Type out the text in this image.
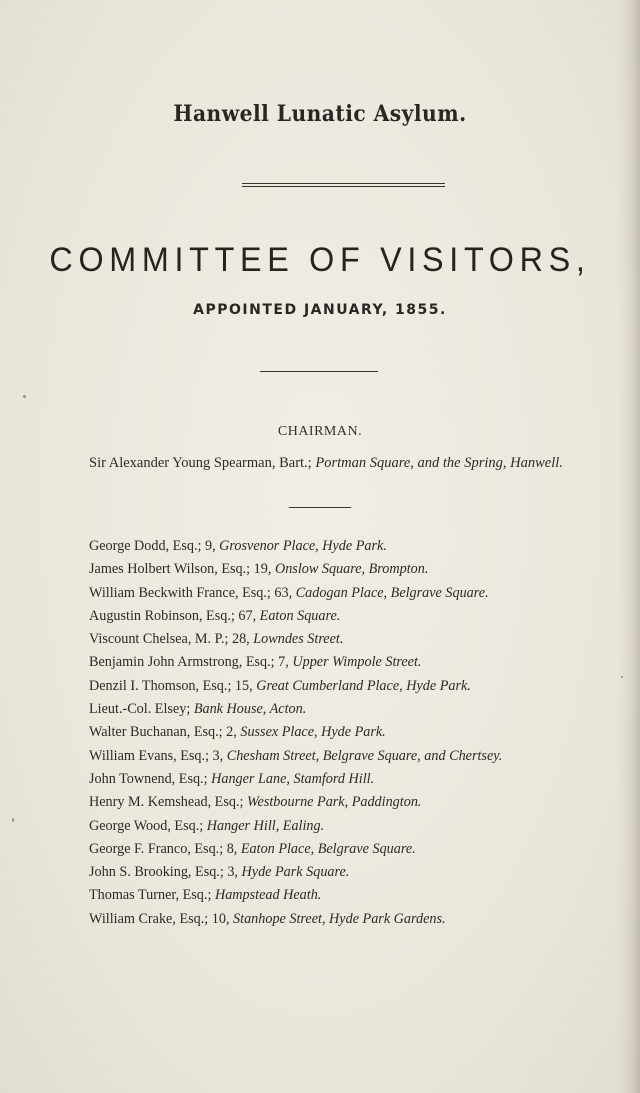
Hanwell Lunatic Asylum.
COMMITTEE OF VISITORS,
APPOINTED JANUARY, 1855.
CHAIRMAN.
Sir Alexander Young Spearman, Bart.; Portman Square, and the Spring, Hanwell.
George Dodd, Esq.; 9, Grosvenor Place, Hyde Park.
James Holbert Wilson, Esq.; 19, Onslow Square, Brompton.
William Beckwith France, Esq.; 63, Cadogan Place, Belgrave Square.
Augustin Robinson, Esq.; 67, Eaton Square.
Viscount Chelsea, M. P.; 28, Lowndes Street.
Benjamin John Armstrong, Esq.; 7, Upper Wimpole Street.
Denzil I. Thomson, Esq.; 15, Great Cumberland Place, Hyde Park.
Lieut.-Col. Elsey; Bank House, Acton.
Walter Buchanan, Esq.; 2, Sussex Place, Hyde Park.
William Evans, Esq.; 3, Chesham Street, Belgrave Square, and Chertsey.
John Townend, Esq.; Hanger Lane, Stamford Hill.
Henry M. Kemshead, Esq.; Westbourne Park, Paddington.
George Wood, Esq.; Hanger Hill, Ealing.
George F. Franco, Esq.; 8, Eaton Place, Belgrave Square.
John S. Brooking, Esq.; 3, Hyde Park Square.
Thomas Turner, Esq.; Hampstead Heath.
William Crake, Esq.; 10, Stanhope Street, Hyde Park Gardens.
